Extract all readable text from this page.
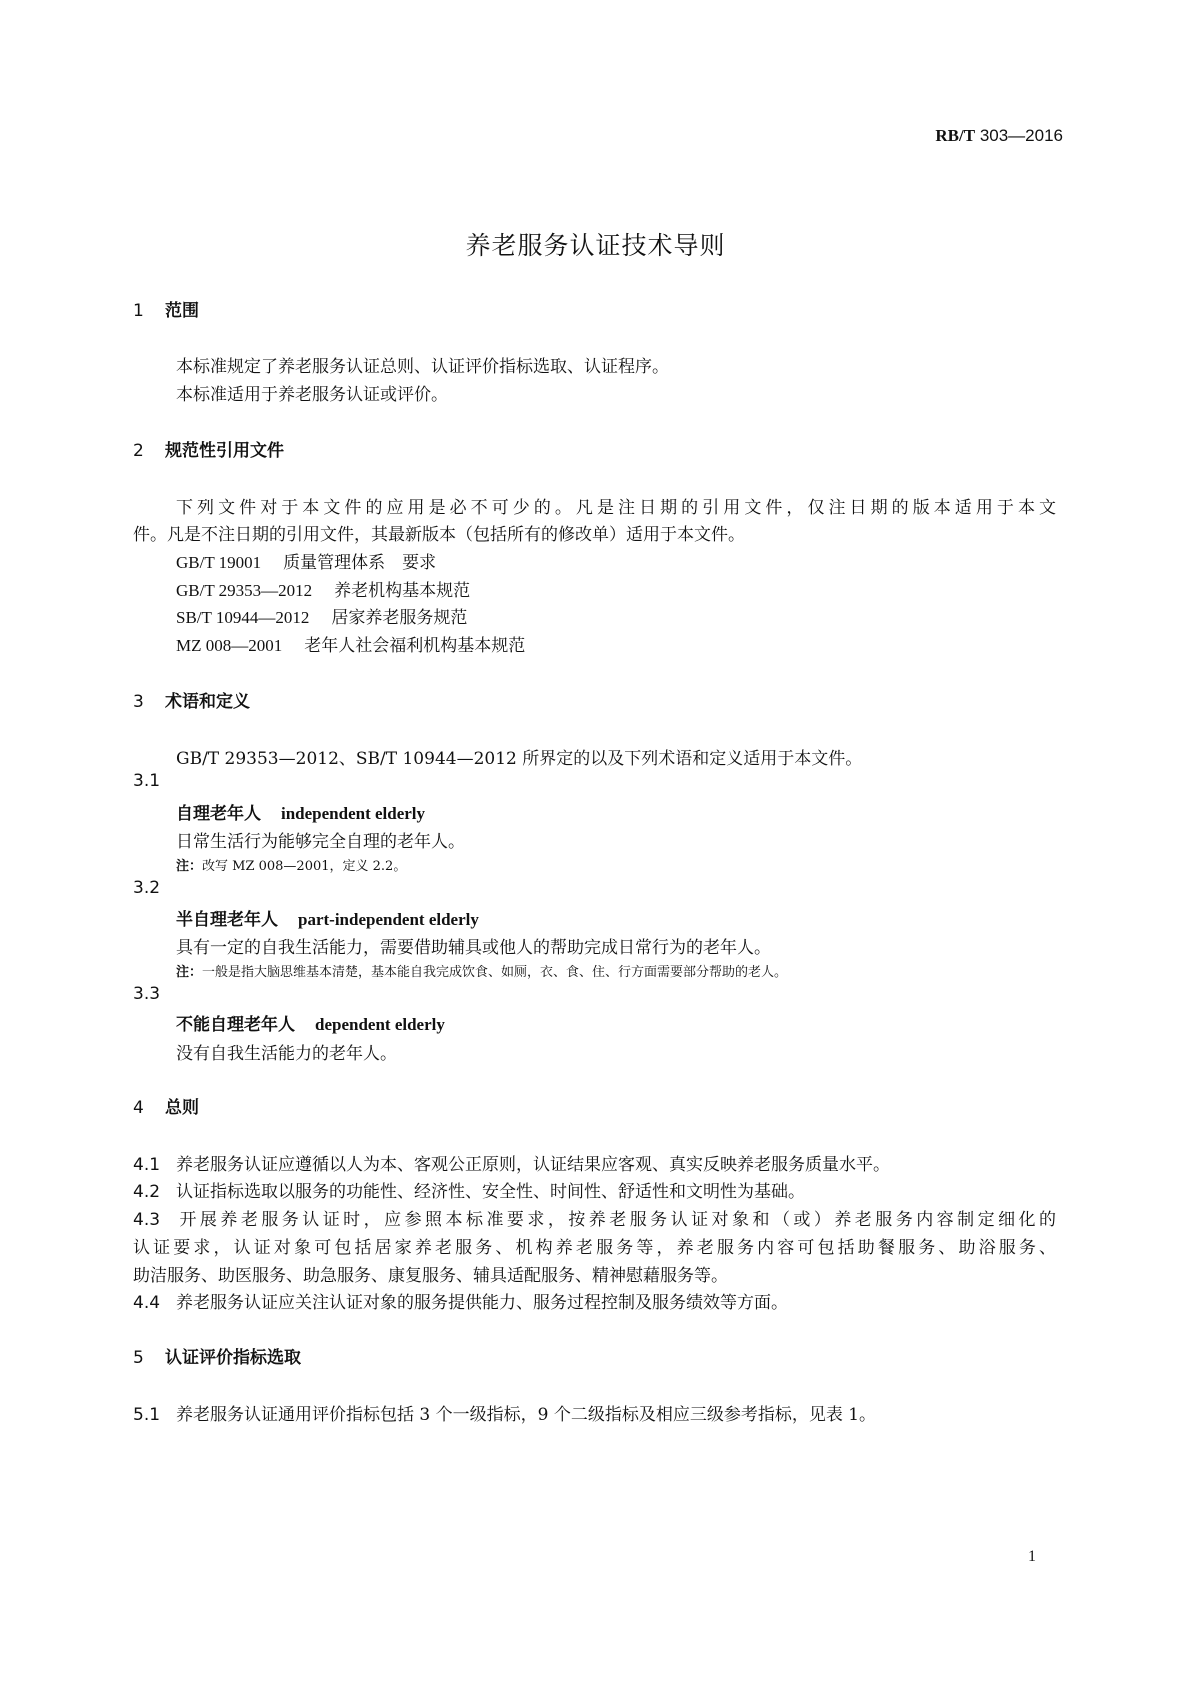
RB/T 303—2016
养老服务认证技术导则
1 范围
本标准规定了养老服务认证总则、认证评价指标选取、认证程序。
本标准适用于养老服务认证或评价。
2 规范性引用文件
下列文件对于本文件的应用是必不可少的。凡是注日期的引用文件，仅注日期的版本适用于本文
件。凡是不注日期的引用文件，其最新版本（包括所有的修改单）适用于本文件。
GB/T 19001 质量管理体系　要求
GB/T 29353—2012 养老机构基本规范
SB/T 10944—2012 居家养老服务规范
MZ 008—2001 老年人社会福利机构基本规范
3 术语和定义
GB/T 29353—2012、SB/T 10944—2012 所界定的以及下列术语和定义适用于本文件。
3.1
自理老年人 independent elderly
日常生活行为能够完全自理的老年人。
注：改写 MZ 008—2001，定义 2.2。
3.2
半自理老年人 part-independent elderly
具有一定的自我生活能力，需要借助辅具或他人的帮助完成日常行为的老年人。
注：一般是指大脑思维基本清楚，基本能自我完成饮食、如厕，衣、食、住、行方面需要部分帮助的老人。
3.3
不能自理老年人 dependent elderly
没有自我生活能力的老年人。
4 总则
4.1 养老服务认证应遵循以人为本、客观公正原则，认证结果应客观、真实反映养老服务质量水平。
4.2 认证指标选取以服务的功能性、经济性、安全性、时间性、舒适性和文明性为基础。
4.3 开展养老服务认证时，应参照本标准要求，按养老服务认证对象和（或）养老服务内容制定细化的
认证要求，认证对象可包括居家养老服务、机构养老服务等，养老服务内容可包括助餐服务、助浴服务、
助洁服务、助医服务、助急服务、康复服务、辅具适配服务、精神慰藉服务等。
4.4 养老服务认证应关注认证对象的服务提供能力、服务过程控制及服务绩效等方面。
5 认证评价指标选取
5.1 养老服务认证通用评价指标包括 3 个一级指标，9 个二级指标及相应三级参考指标，见表 1。
1
